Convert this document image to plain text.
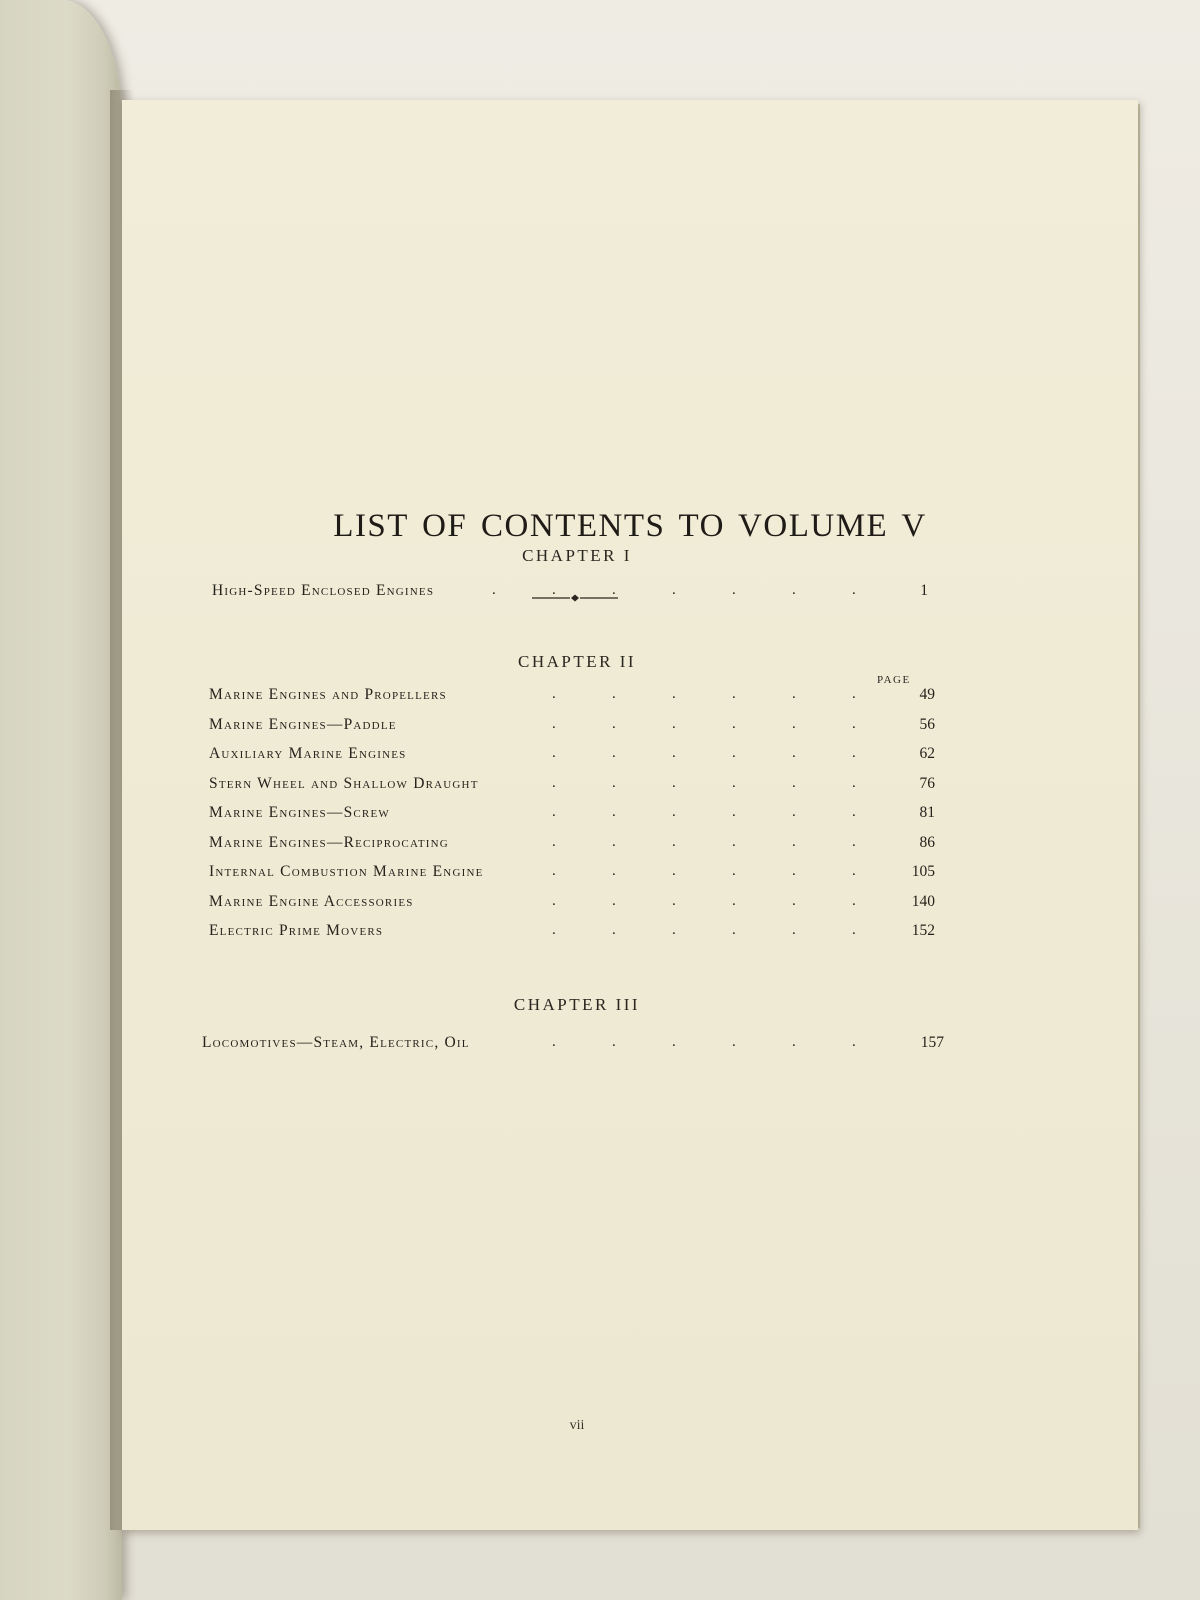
LIST OF CONTENTS TO VOLUME V
CHAPTER I
PAGE
High-Speed Enclosed Engines	.	.	.	.	.	.	.	1
CHAPTER II
Marine Engines and Propellers	.	.	.	.	.	.	49
Marine Engines—Paddle	.	.	.	.	.	.	56
Auxiliary Marine Engines	.	.	.	.	.	.	62
Stern Wheel and Shallow Draught	.	.	.	.	.	.	76
Marine Engines—Screw	.	.	.	.	.	.	81
Marine Engines—Reciprocating	.	.	.	.	.	.	86
Internal Combustion Marine Engine	.	.	.	.	.	.	105
Marine Engine Accessories	.	.	.	.	.	.	140
Electric Prime Movers	.	.	.	.	.	.	152
CHAPTER III
Locomotives—Steam, Electric, Oil	.	.	.	.	.	.	157
vii
